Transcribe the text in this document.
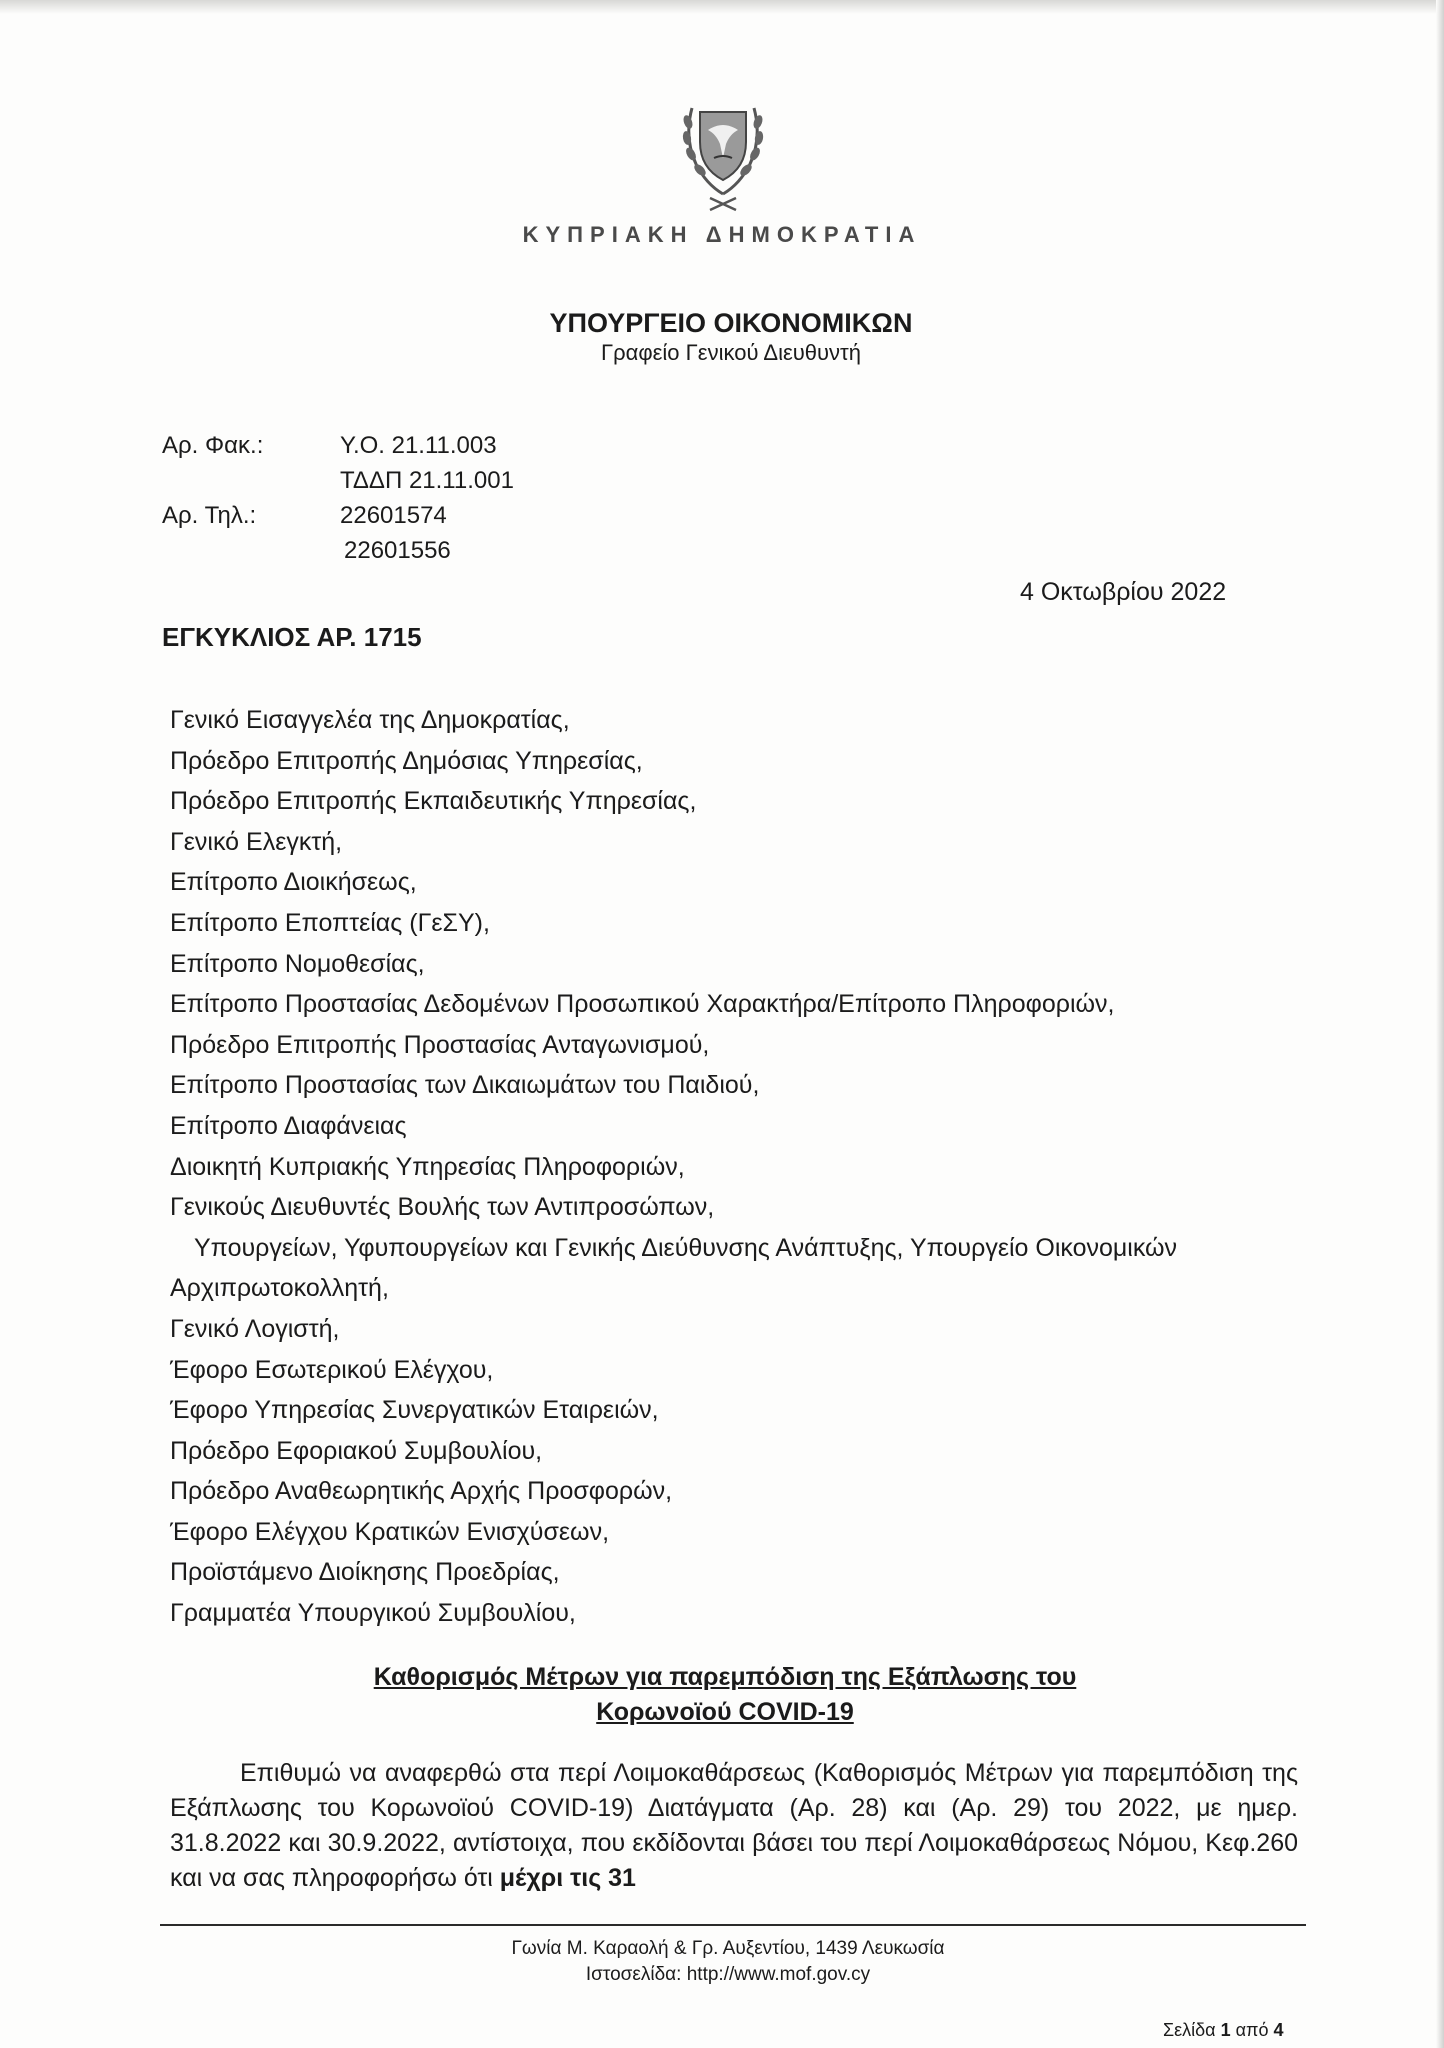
ΚΥΠΡΙΑΚΗ ΔΗΜΟΚΡΑΤΙΑ
ΥΠΟΥΡΓΕΙΟ ΟΙΚΟΝΟΜΙΚΩΝ
Γραφείο Γενικού Διευθυντή
Αρ. Φακ.:	Υ.Ο. 21.11.003
ΤΔΔΠ 21.11.001
Αρ. Τηλ.:	22601574
22601556
4 Οκτωβρίου 2022
ΕΓΚΥΚΛΙΟΣ ΑΡ. 1715
Γενικό Εισαγγελέα της Δημοκρατίας,
Πρόεδρο Επιτροπής Δημόσιας Υπηρεσίας,
Πρόεδρο Επιτροπής Εκπαιδευτικής Υπηρεσίας,
Γενικό Ελεγκτή,
Επίτροπο Διοικήσεως,
Επίτροπο Εποπτείας (ΓεΣΥ),
Επίτροπο Νομοθεσίας,
Επίτροπο Προστασίας Δεδομένων Προσωπικού Χαρακτήρα/Επίτροπο Πληροφοριών,
Πρόεδρο Επιτροπής Προστασίας Ανταγωνισμού,
Επίτροπο Προστασίας των Δικαιωμάτων του Παιδιού,
Επίτροπο Διαφάνειας
Διοικητή Κυπριακής Υπηρεσίας Πληροφοριών,
Γενικούς Διευθυντές Βουλής των Αντιπροσώπων,
Υπουργείων, Υφυπουργείων και Γενικής Διεύθυνσης Ανάπτυξης, Υπουργείο Οικονομικών
Αρχιπρωτοκολλητή,
Γενικό Λογιστή,
Έφορο Εσωτερικού Ελέγχου,
Έφορο Υπηρεσίας Συνεργατικών Εταιρειών,
Πρόεδρο Εφοριακού Συμβουλίου,
Πρόεδρο Αναθεωρητικής Αρχής Προσφορών,
Έφορο Ελέγχου Κρατικών Ενισχύσεων,
Προϊστάμενο Διοίκησης Προεδρίας,
Γραμματέα Υπουργικού Συμβουλίου,
Καθορισμός Μέτρων για παρεμπόδιση της Εξάπλωσης του
Κορωνοϊού COVID-19

Επιθυμώ να αναφερθώ στα περί Λοιμοκαθάρσεως (Καθορισμός Μέτρων για παρεμπόδιση της Εξάπλωσης του Κορωνοϊού COVID-19) Διατάγματα (Αρ. 28) και (Αρ. 29) του 2022, με ημερ. 31.8.2022 και 30.9.2022, αντίστοιχα, που εκδίδονται βάσει του περί Λοιμοκαθάρσεως Νόμου, Κεφ.260 και να σας πληροφορήσω ότι μέχρι τις 31

Γωνία Μ. Καραολή & Γρ. Αυξεντίου, 1439 Λευκωσία
Ιστοσελίδα: http://www.mof.gov.cy
Σελίδα 1 από 4
